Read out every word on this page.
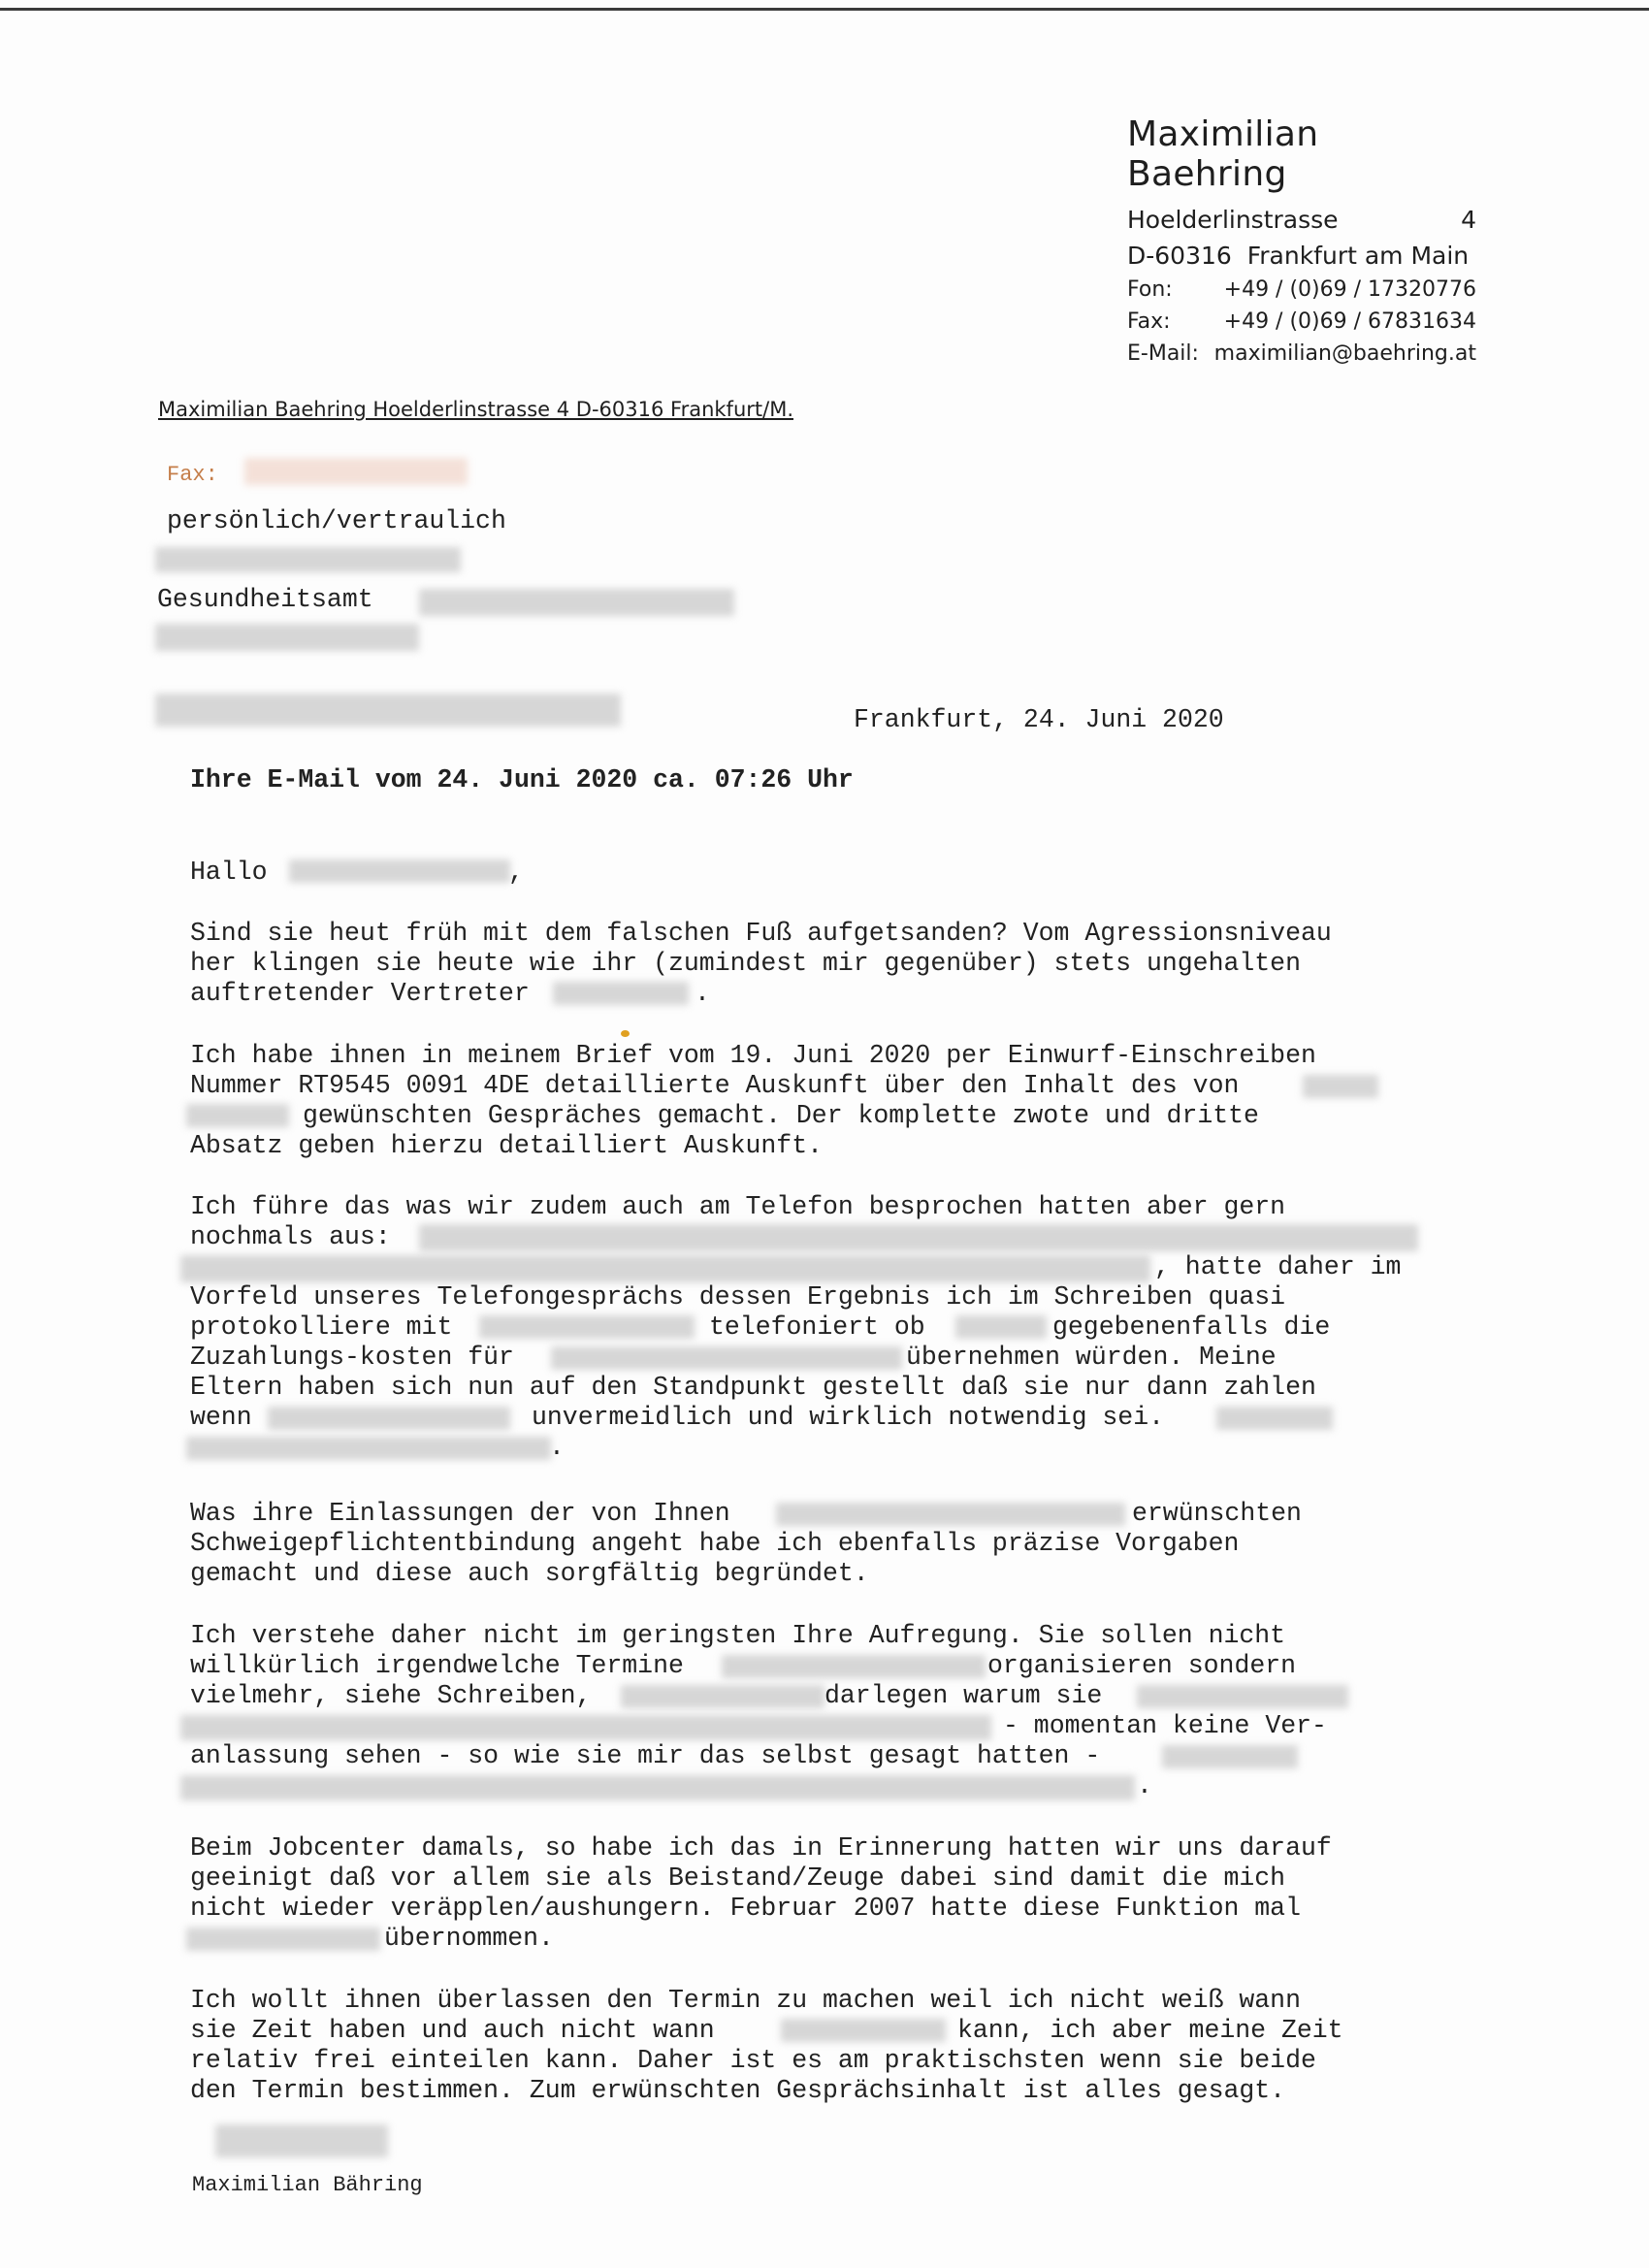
Maximilian Baehring
Hoelderlinstrasse	4
D-60316  Frankfurt am Main
Fon:	+49 / (0)69 / 17320776
Fax:	+49 / (0)69 / 67831634
E-Mail: maximilian@baehring.at
Maximilian Baehring Hoelderlinstrasse 4 D-60316 Frankfurt/M.
Fax:
persönlich/vertraulich
Gesundheitsamt
Frankfurt, 24. Juni 2020
Ihre E-Mail vom 24. Juni 2020 ca. 07:26 Uhr
Hallo	,
Sind sie heut früh mit dem falschen Fuß aufgetsanden? Vom Agressionsniveau
her klingen sie heute wie ihr (zumindest mir gegenüber) stets ungehalten
auftretender Vertreter	.
Ich habe ihnen in meinem Brief vom 19. Juni 2020 per Einwurf-Einschreiben
Nummer RT9545 0091 4DE detaillierte Auskunft über den Inhalt des von
gewünschten Gespräches gemacht. Der komplette zwote und dritte
Absatz geben hierzu detailliert Auskunft.
Ich führe das was wir zudem auch am Telefon besprochen hatten aber gern
nochmals aus:
, hatte daher im
Vorfeld unseres Telefongesprächs dessen Ergebnis ich im Schreiben quasi
protokolliere mit	telefoniert ob	gegebenenfalls die
Zuzahlungs-kosten für	übernehmen würden. Meine
Eltern haben sich nun auf den Standpunkt gestellt daß sie nur dann zahlen
wenn	unvermeidlich und wirklich notwendig sei.
.
Was ihre Einlassungen der von Ihnen	erwünschten
Schweigepflichtentbindung angeht habe ich ebenfalls präzise Vorgaben
gemacht und diese auch sorgfältig begründet.
Ich verstehe daher nicht im geringsten Ihre Aufregung. Sie sollen nicht
willkürlich irgendwelche Termine	organisieren sondern
vielmehr, siehe Schreiben,	darlegen warum sie
- momentan keine Ver-
anlassung sehen - so wie sie mir das selbst gesagt hatten -
.
Beim Jobcenter damals, so habe ich das in Erinnerung hatten wir uns darauf
geeinigt daß vor allem sie als Beistand/Zeuge dabei sind damit die mich
nicht wieder veräpplen/aushungern. Februar 2007 hatte diese Funktion mal
übernommen.
Ich wollt ihnen überlassen den Termin zu machen weil ich nicht weiß wann
sie Zeit haben und auch nicht wann	kann, ich aber meine Zeit
relativ frei einteilen kann. Daher ist es am praktischsten wenn sie beide
den Termin bestimmen. Zum erwünschten Gesprächsinhalt ist alles gesagt.
Maximilian Bähring
